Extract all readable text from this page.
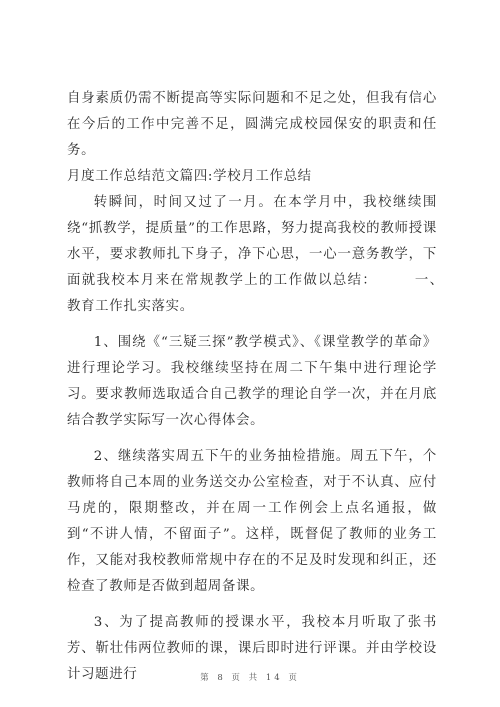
自身素质仍需不断提高等实际问题和不足之处，但我有信心在今后的工作中完善不足，圆满完成校园保安的职责和任务。

月度工作总结范文篇四:学校月工作总结

转瞬间，时间又过了一月。在本学月中，我校继续围绕“抓教学，提质量”的工作思路，努力提高我校的教师授课水平，要求教师扎下身子，净下心思，一心一意务教学，下面就我校本月来在常规教学上的工作做以总结：　　　一、　教育工作扎实落实。

1、围绕《“三疑三探”教学模式》、《课堂教学的革命》进行理论学习。我校继续坚持在周二下午集中进行理论学习。要求教师选取适合自己教学的理论自学一次，并在月底结合教学实际写一次心得体会。

2、继续落实周五下午的业务抽检措施。周五下午，个教师将自己本周的业务送交办公室检查，对于不认真、应付马虎的，限期整改，并在周一工作例会上点名通报，做到“不讲人情，不留面子”。这样，既督促了教师的业务工作，又能对我校教师常规中存在的不足及时发现和纠正，还检查了教师是否做到超周备课。

3、为了提高教师的授课水平，我校本月听取了张书芳、靳壮伟两位教师的课，课后即时进行评课。并由学校设计习题进行	第 8 页 共 14 页
